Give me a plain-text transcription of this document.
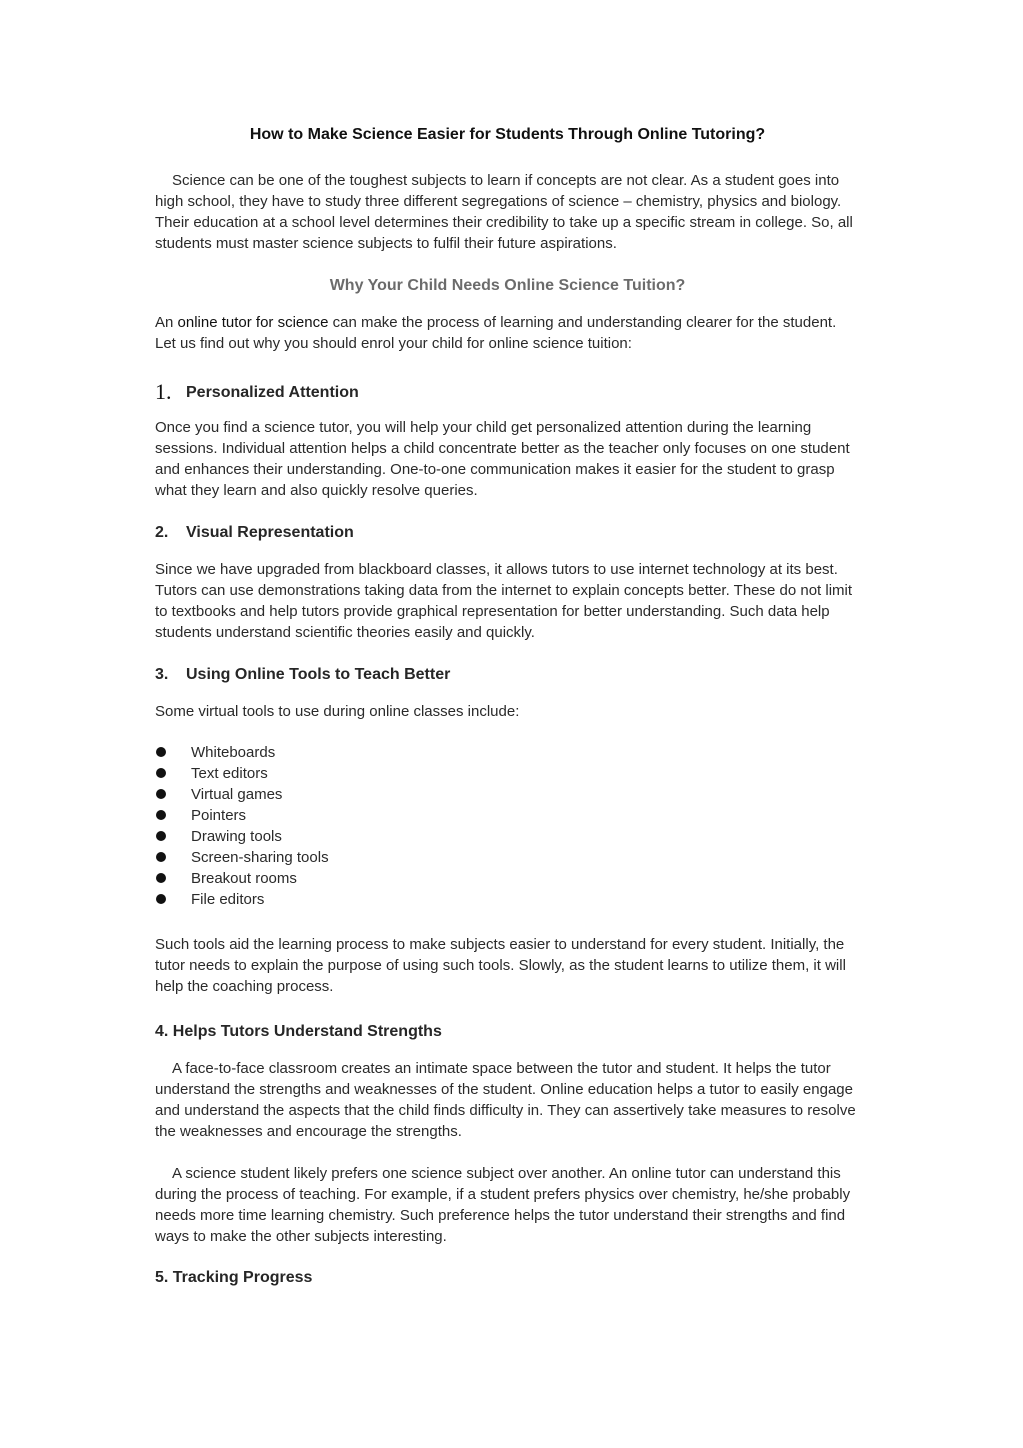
How to Make Science Easier for Students Through Online Tutoring?

Science can be one of the toughest subjects to learn if concepts are not clear. As a student goes into high school, they have to study three different segregations of science – chemistry, physics and biology. Their education at a school level determines their credibility to take up a specific stream in college. So, all students must master science subjects to fulfil their future aspirations.

Why Your Child Needs Online Science Tuition?

An online tutor for science can make the process of learning and understanding clearer for the student. Let us find out why you should enrol your child for online science tuition:

1. Personalized Attention

Once you find a science tutor, you will help your child get personalized attention during the learning sessions. Individual attention helps a child concentrate better as the teacher only focuses on one student and enhances their understanding. One-to-one communication makes it easier for the student to grasp what they learn and also quickly resolve queries.

2. Visual Representation

Since we have upgraded from blackboard classes, it allows tutors to use internet technology at its best. Tutors can use demonstrations taking data from the internet to explain concepts better. These do not limit to textbooks and help tutors provide graphical representation for better understanding. Such data help students understand scientific theories easily and quickly.

3. Using Online Tools to Teach Better

Some virtual tools to use during online classes include:

Whiteboards
Text editors
Virtual games
Pointers
Drawing tools
Screen-sharing tools
Breakout rooms
File editors

Such tools aid the learning process to make subjects easier to understand for every student. Initially, the tutor needs to explain the purpose of using such tools. Slowly, as the student learns to utilize them, it will help the coaching process.

4. Helps Tutors Understand Strengths

A face-to-face classroom creates an intimate space between the tutor and student. It helps the tutor understand the strengths and weaknesses of the student. Online education helps a tutor to easily engage and understand the aspects that the child finds difficulty in. They can assertively take measures to resolve the weaknesses and encourage the strengths.

A science student likely prefers one science subject over another. An online tutor can understand this during the process of teaching. For example, if a student prefers physics over chemistry, he/she probably needs more time learning chemistry. Such preference helps the tutor understand their strengths and find ways to make the other subjects interesting.

5. Tracking Progress
